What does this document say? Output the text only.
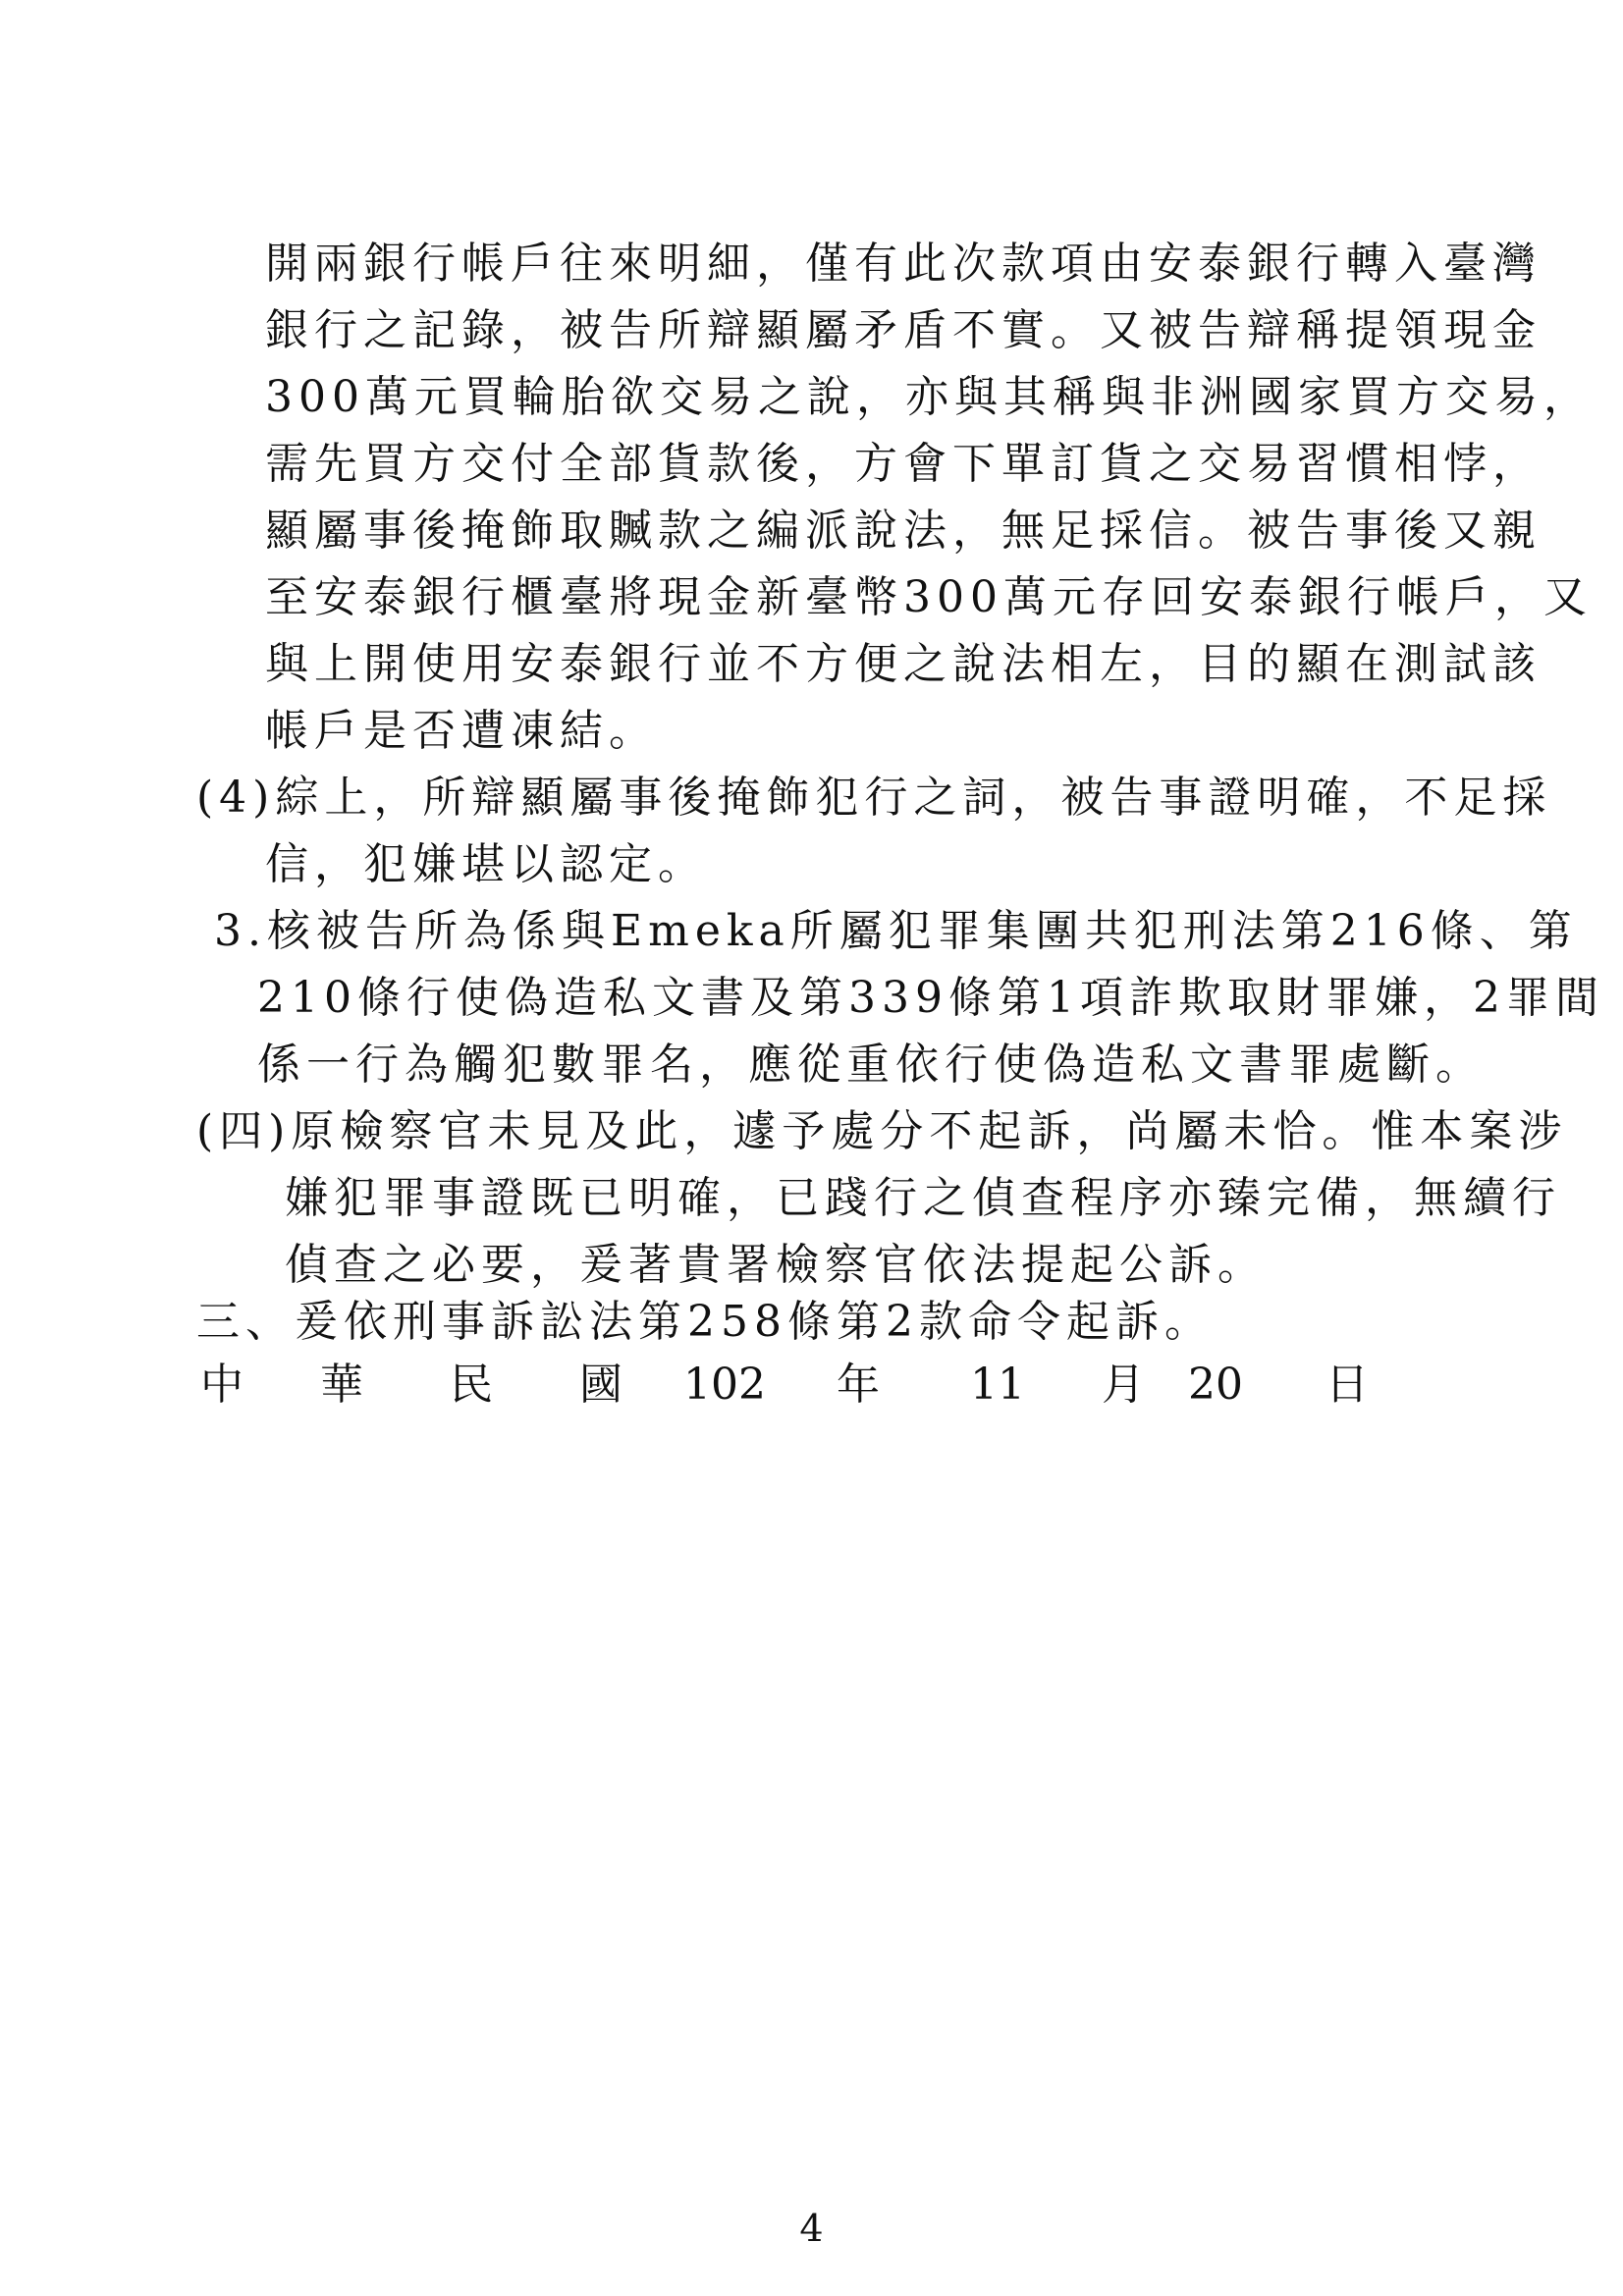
開兩銀行帳戶往來明細，僅有此次款項由安泰銀行轉入臺灣
銀行之記錄，被告所辯顯屬矛盾不實。又被告辯稱提領現金
300萬元買輪胎欲交易之說，亦與其稱與非洲國家買方交易，
需先買方交付全部貨款後，方會下單訂貨之交易習慣相悖，
顯屬事後掩飾取贓款之編派說法，無足採信。被告事後又親
至安泰銀行櫃臺將現金新臺幣300萬元存回安泰銀行帳戶，又
與上開使用安泰銀行並不方便之說法相左，目的顯在測試該
帳戶是否遭凍結。
(4)綜上，所辯顯屬事後掩飾犯行之詞，被告事證明確，不足採
信，犯嫌堪以認定。
3.核被告所為係與Emeka所屬犯罪集團共犯刑法第216條、第
210條行使偽造私文書及第339條第1項詐欺取財罪嫌，2罪間
係一行為觸犯數罪名，應從重依行使偽造私文書罪處斷。
(四)原檢察官未見及此，遽予處分不起訴，尚屬未恰。惟本案涉
嫌犯罪事證既已明確，已踐行之偵查程序亦臻完備，無續行
偵查之必要，爰著貴署檢察官依法提起公訴。
三、爰依刑事訴訟法第258條第2款命令起訴。
中 華 民 國 102 年 11 月 20 日
4
